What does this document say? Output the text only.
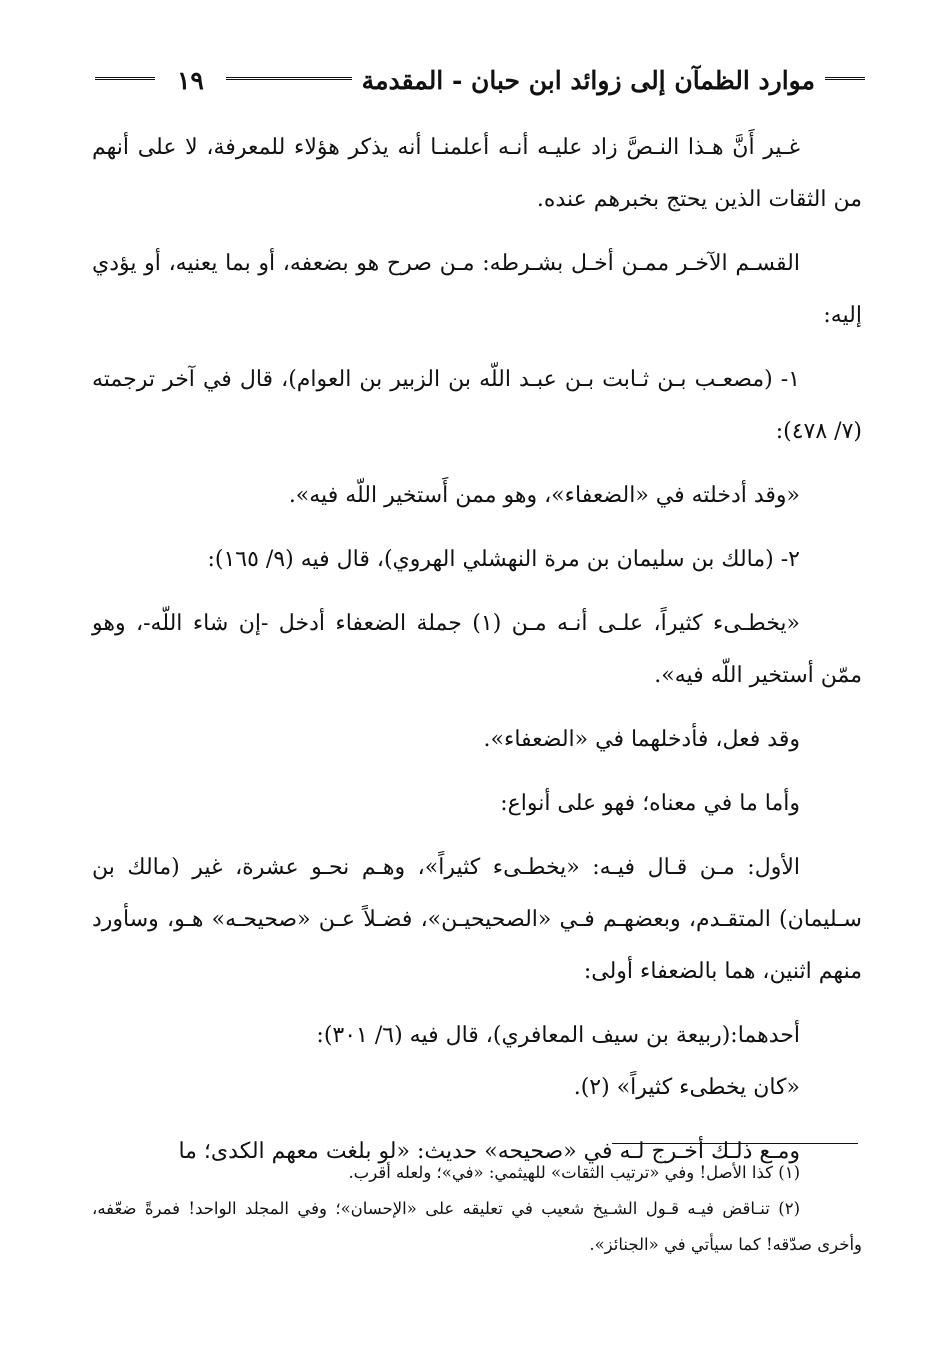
موارد الظمآن إلى زوائد ابن حبان - المقدمة
١٩

غـير أَنَّ هـذا النـصَّ زاد عليـه أنـه أعلمنـا أنه يذكر هؤلاء للمعرفة، لا على أنهم من الثقات الذين يحتج بخبرهم عنده.

القسـم الآخـر ممـن أخـل بشـرطه: مـن صرح هو بضعفه، أو بما يعنيه، أو يؤدي إليه:

١- (مصعـب بـن ثـابت بـن عبـد اللّه بن الزبير بن العوام)، قال في آخر ترجمته (٧/ ٤٧٨):

«وقد أدخلته في «الضعفاء»، وهو ممن أَستخير اللّه فيه».

٢- (مالك بن سليمان بن مرة النهشلي الهروي)، قال فيه (٩/ ١٦٥):

«يخطـىء كثيراً، علـى أنـه مـن (١) جملة الضعفاء أدخل -إن شاء اللّه-، وهو ممّن أستخير اللّه فيه».

وقد فعل، فأدخلهما في «الضعفاء».

وأما ما في معناه؛ فهو على أنواع:

الأول: مـن قـال فيـه: «يخطـىء كثيراً»، وهـم نحـو عشرة، غير (مالك بن سـليمان) المتقـدم، وبعضهـم فـي «الصحيحيـن»، فضـلاً عـن «صحيحـه» هـو، وسأورد منهم اثنين، هما بالضعفاء أولى:

أحدهما:(ربيعة بن سيف المعافري)، قال فيه (٦/ ٣٠١):

«كان يخطىء كثيراً» (٢).

ومـع ذلـك أخـرج لـه في «صحيحه» حديث: «لو بلغت معهم الكدى؛ ما

(١) كذا الأصل! وفي «ترتيب الثقات» للهيثمي: «في»؛ ولعله أقرب.

(٢) تنـاقض فيـه قـول الشـيخ شعيب في تعليقه على «الإحسان»؛ وفي المجلد الواحد! فمرةً ضعّفه، وأخرى صدّقه! كما سيأتي في «الجنائز».
